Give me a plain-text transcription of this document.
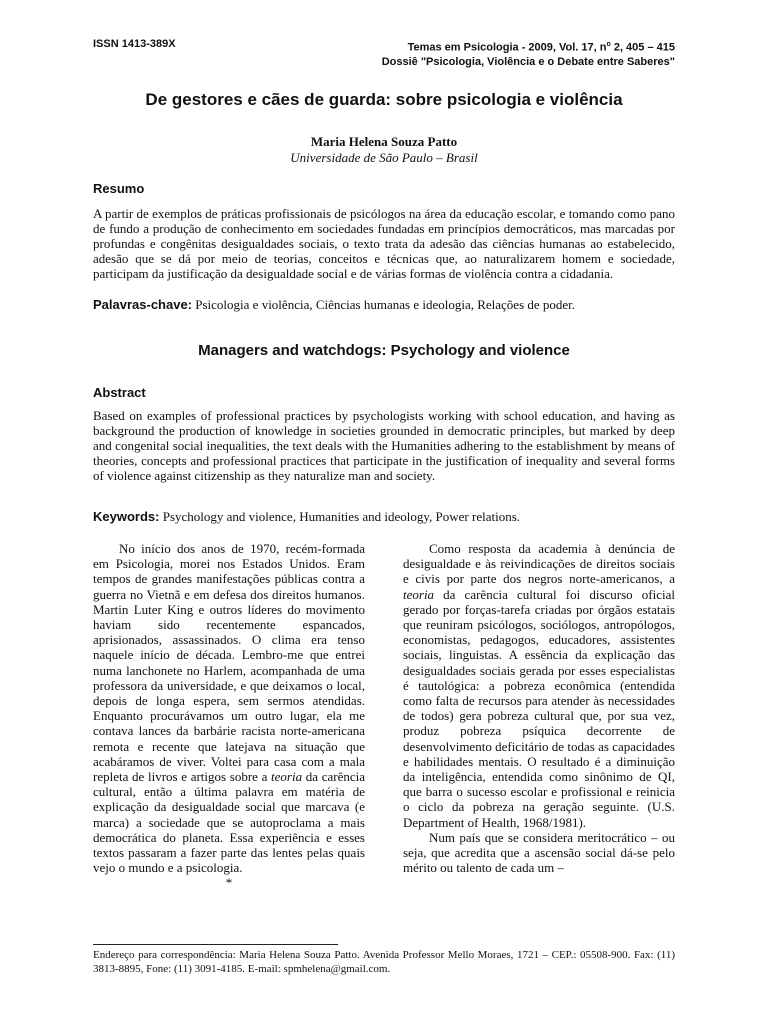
ISSN 1413-389X	Temas em Psicologia - 2009, Vol. 17, $n^o$ 2, 405 – 415
Dossiê "Psicologia, Violência e o Debate entre Saberes"
De gestores e cães de guarda: sobre psicologia e violência
Maria Helena Souza Patto
Universidade de São Paulo – Brasil
Resumo

A partir de exemplos de práticas profissionais de psicólogos na área da educação escolar, e tomando como pano de fundo a produção de conhecimento em sociedades fundadas em princípios democráticos, mas marcadas por profundas e congênitas desigualdades sociais, o texto trata da adesão das ciências humanas ao estabelecido, adesão que se dá por meio de teorias, conceitos e técnicas que, ao naturalizarem homem e sociedade, participam da justificação da desigualdade social e de várias formas de violência contra a cidadania.

Palavras-chave: Psicologia e violência, Ciências humanas e ideologia, Relações de poder.

Managers and watchdogs: Psychology and violence
Abstract

Based on examples of professional practices by psychologists working with school education, and having as background the production of knowledge in societies grounded in democratic principles, but marked by deep and congenital social inequalities, the text deals with the Humanities adhering to the establishment by means of theories, concepts and professional practices that participate in the justification of inequality and several forms of violence against citizenship as they naturalize man and society.

Keywords: Psychology and violence, Humanities and ideology, Power relations.

No início dos anos de 1970, recém-formada em Psicologia, morei nos Estados Unidos. Eram tempos de grandes manifestações públicas contra a guerra no Vietnã e em defesa dos direitos humanos. Martin Luter King e outros líderes do movimento haviam sido recentemente espancados, aprisionados, assassinados. O clima era tenso naquele início de década. Lembro-me que entrei numa lanchonete no Harlem, acompanhada de uma professora da universidade, e que deixamos o local, depois de longa espera, sem sermos atendidas. Enquanto procurávamos um outro lugar, ela me contava lances da barbárie racista norte-americana remota e recente que latejava na situação que acabáramos de viver. Voltei para casa com a mala repleta de livros e artigos sobre a teoria da carência cultural, então a última palavra em matéria de explicação da desigualdade social que marcava (e marca) a sociedade que se autoproclama a mais democrática do planeta. Essa experiência e esses textos passaram a fazer parte das lentes pelas quais vejo o mundo e a psicologia.

*

Como resposta da academia à denúncia de desigualdade e às reivindicações de direitos sociais e civis por parte dos negros norte-americanos, a teoria da carência cultural foi discurso oficial gerado por forças-tarefa criadas por órgãos estatais que reuniram psicólogos, sociólogos, antropólogos, economistas, pedagogos, educadores, assistentes sociais, linguistas. A essência da explicação das desigualdades sociais gerada por esses especialistas é tautológica: a pobreza econômica (entendida como falta de recursos para atender às necessidades de todos) gera pobreza cultural que, por sua vez, produz pobreza psíquica decorrente de desenvolvimento deficitário de todas as capacidades e habilidades mentais. O resultado é a diminuição da inteligência, entendida como sinônimo de QI, que barra o sucesso escolar e profissional e reinicia o ciclo da pobreza na geração seguinte. (U.S. Department of Health, 1968/1981).

Num país que se considera meritocrático – ou seja, que acredita que a ascensão social dá-se pelo mérito ou talento de cada um –

Endereço para correspondência: Maria Helena Souza Patto. Avenida Professor Mello Moraes, 1721 – CEP.: 05508-900. Fax: (11) 3813-8895, Fone: (11) 3091-4185. E-mail: spmhelena@gmail.com.
